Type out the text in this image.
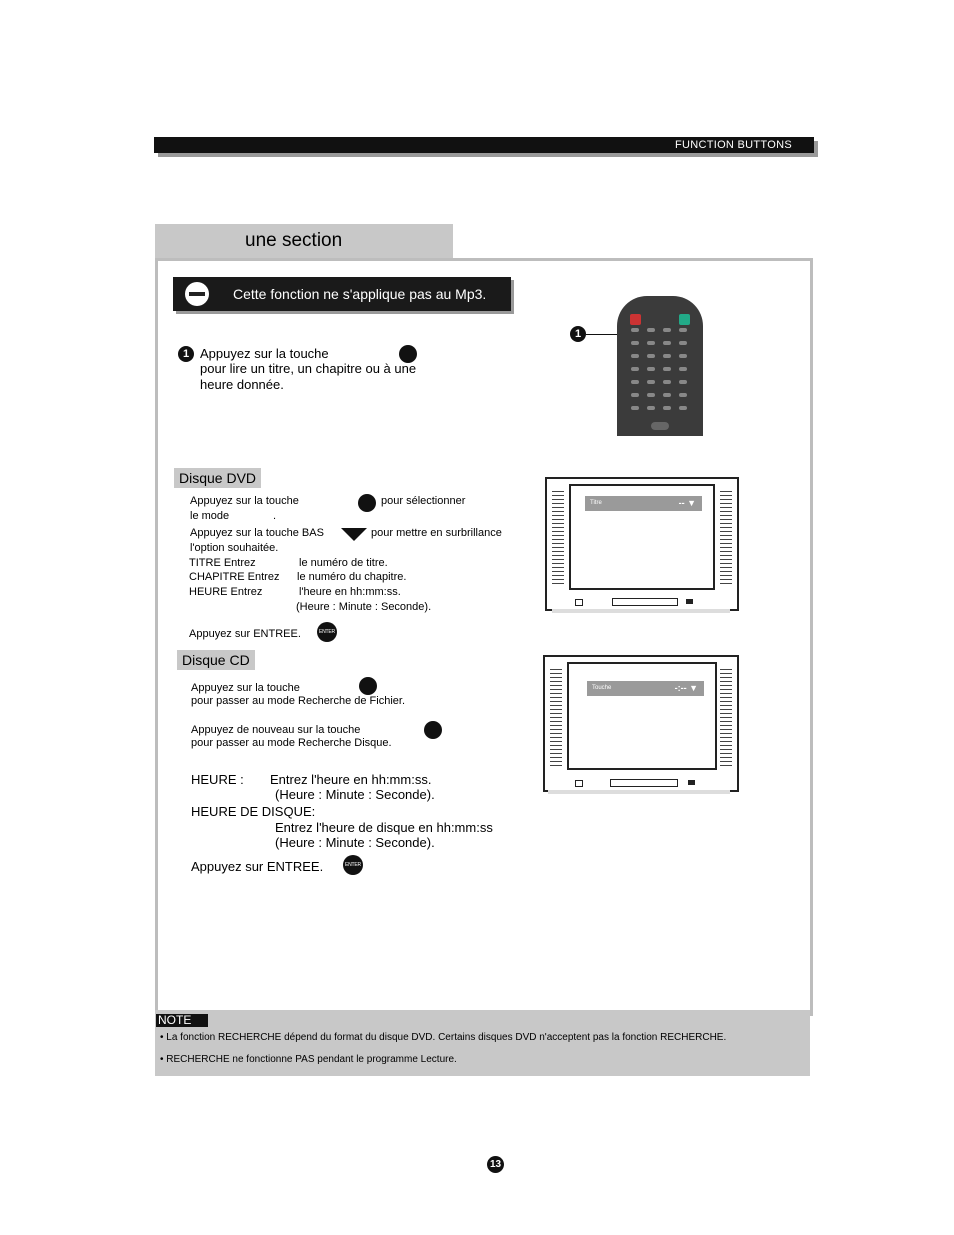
FUNCTION BUTTONS
une section
Cette fonction ne s'applique pas au Mp3.
1 Appuyez sur la touche
pour lire un titre, un chapitre ou à une
heure donnée.
1
Disque DVD
Appuyez sur la touche	pour sélectionner
le mode	.
Appuyez sur la touche BAS	pour mettre en surbrillance
l'option souhaitée.
TITRE Entrez	le numéro de titre.
CHAPITRE Entrez le numéro du chapitre.
HEURE Entrez	l'heure en hh:mm:ss.
(Heure : Minute : Seconde).
Appuyez sur ENTREE.	ENTER
Titre	-- ▼
Disque CD
Appuyez sur la touche
pour passer au mode Recherche de Fichier.
Appuyez de nouveau sur la touche
pour passer au mode Recherche Disque.
HEURE : Entrez l'heure en hh:mm:ss.
(Heure : Minute : Seconde).
HEURE DE DISQUE:
Entrez l'heure de disque en hh:mm:ss
(Heure : Minute : Seconde).
Appuyez sur ENTREE.	ENTER
Touche	-:-- ▼
NOTE
• La fonction RECHERCHE dépend du format du disque DVD. Certains disques DVD n'acceptent pas la fonction RECHERCHE.
• RECHERCHE ne fonctionne PAS pendant le programme Lecture.
13
